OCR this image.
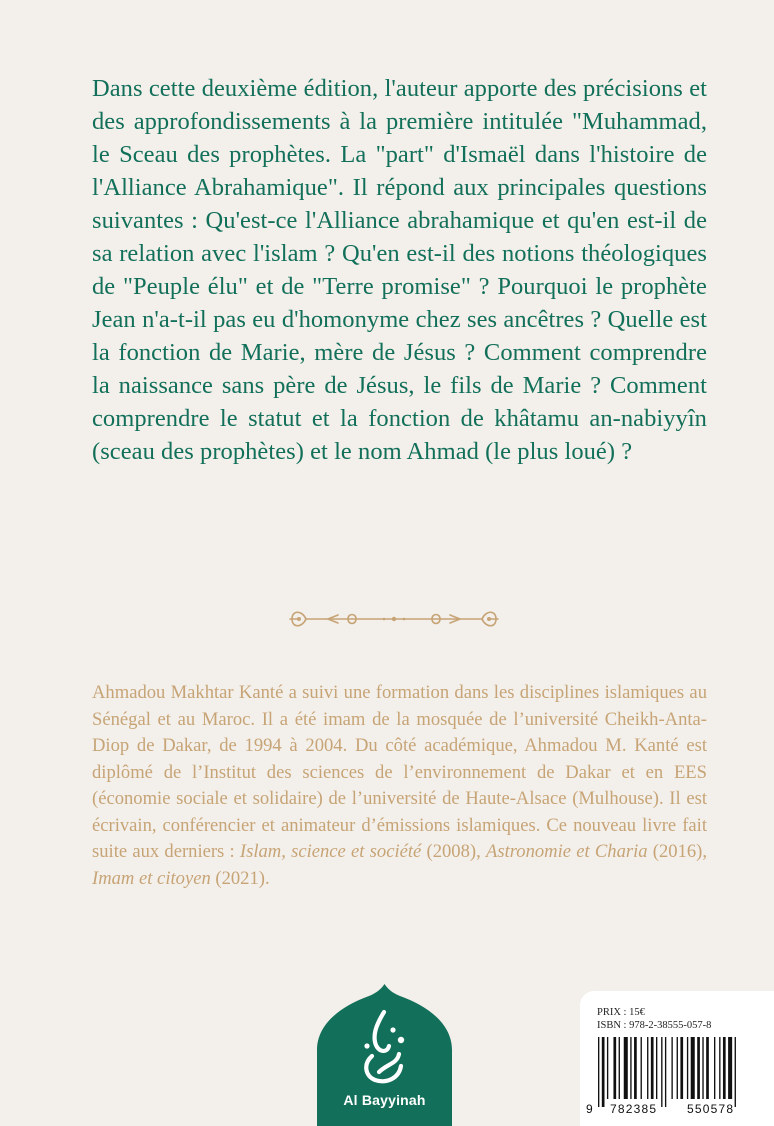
Dans cette deuxième édition, l'auteur apporte des précisions et des approfondissements à la première intitulée "Muhammad, le Sceau des prophètes. La "part" d'Ismaël dans l'histoire de l'Alliance Abrahamique". Il répond aux principales questions suivantes : Qu'est-ce l'Alliance abrahamique et qu'en est-il de sa relation avec l'islam ? Qu'en est-il des notions théologiques de "Peuple élu" et de "Terre promise" ? Pourquoi le prophète Jean n'a-t-il pas eu d'homonyme chez ses ancêtres ? Quelle est la fonction de Marie, mère de Jésus ? Comment comprendre la naissance sans père de Jésus, le fils de Marie ? Comment comprendre le statut et la fonction de khâtamu an-nabiyyîn (sceau des prophètes) et le nom Ahmad (le plus loué) ?

Ahmadou Makhtar Kanté a suivi une formation dans les disciplines islamiques au Sénégal et au Maroc. Il a été imam de la mosquée de l’université Cheikh-Anta-Diop de Dakar, de 1994 à 2004. Du côté académique, Ahmadou M. Kanté est diplômé de l’Institut des sciences de l’environnement de Dakar et en EES (économie sociale et solidaire) de l’université de Haute-Alsace (Mulhouse). Il est écrivain, conférencier et animateur d’émissions islamiques. Ce nouveau livre fait suite aux derniers : Islam, science et société (2008), Astronomie et Charia (2016), Imam et citoyen (2021).

Al Bayyinah
PRIX : 15€
ISBN : 978-2-38555-057-8
9 782385 550578
